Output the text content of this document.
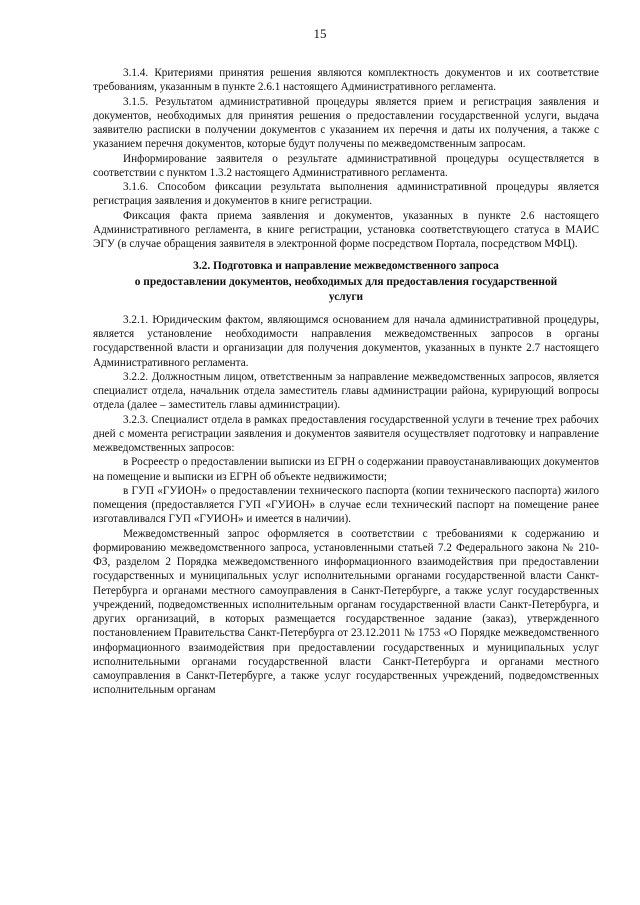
15

3.1.4. Критериями принятия решения являются комплектность документов и их соответствие требованиям, указанным в пункте 2.6.1 настоящего Административного регламента.

3.1.5. Результатом административной процедуры является прием и регистрация заявления и документов, необходимых для принятия решения о предоставлении государственной услуги, выдача заявителю расписки в получении документов с указанием их перечня и даты их получения, а также с указанием перечня документов, которые будут получены по межведомственным запросам.

Информирование заявителя о результате административной процедуры осуществляется в соответствии с пунктом 1.3.2 настоящего Административного регламента.

3.1.6. Способом фиксации результата выполнения административной процедуры является регистрация заявления и документов в книге регистрации.

Фиксация факта приема заявления и документов, указанных в пункте 2.6 настоящего Административного регламента, в книге регистрации, установка соответствующего статуса в МАИС ЭГУ (в случае обращения заявителя в электронной форме посредством Портала, посредством МФЦ).

3.2. Подготовка и направление межведомственного запроса
о предоставлении документов, необходимых для предоставления государственной
услуги

3.2.1. Юридическим фактом, являющимся основанием для начала административной процедуры, является установление необходимости направления межведомственных запросов в органы государственной власти и организации для получения документов, указанных в пункте 2.7 настоящего Административного регламента.

3.2.2. Должностным лицом, ответственным за направление межведомственных запросов, является специалист отдела, начальник отдела заместитель главы администрации района, курирующий вопросы отдела (далее – заместитель главы администрации).

3.2.3. Специалист отдела в рамках предоставления государственной услуги в течение трех рабочих дней с момента регистрации заявления и документов заявителя осуществляет подготовку и направление межведомственных запросов:

в Росреестр о предоставлении выписки из ЕГРН о содержании правоустанавливающих документов на помещение и выписки из ЕГРН об объекте недвижимости;

в ГУП «ГУИОН» о предоставлении технического паспорта (копии технического паспорта) жилого помещения (предоставляется ГУП «ГУИОН» в случае если технический паспорт на помещение ранее изготавливался ГУП «ГУИОН» и имеется в наличии).

Межведомственный запрос оформляется в соответствии с требованиями к содержанию и формированию межведомственного запроса, установленными статьей 7.2 Федерального закона № 210-ФЗ, разделом 2 Порядка межведомственного информационного взаимодействия при предоставлении государственных и муниципальных услуг исполнительными органами государственной власти Санкт-Петербурга и органами местного самоуправления в Санкт-Петербурге, а также услуг государственных учреждений, подведомственных исполнительным органам государственной власти Санкт-Петербурга, и других организаций, в которых размещается государственное задание (заказ), утвержденного постановлением Правительства Санкт-Петербурга от 23.12.2011 № 1753 «О Порядке межведомственного информационного взаимодействия при предоставлении государственных и муниципальных услуг исполнительными органами государственной власти Санкт-Петербурга и органами местного самоуправления в Санкт-Петербурге, а также услуг государственных учреждений, подведомственных исполнительным органам
